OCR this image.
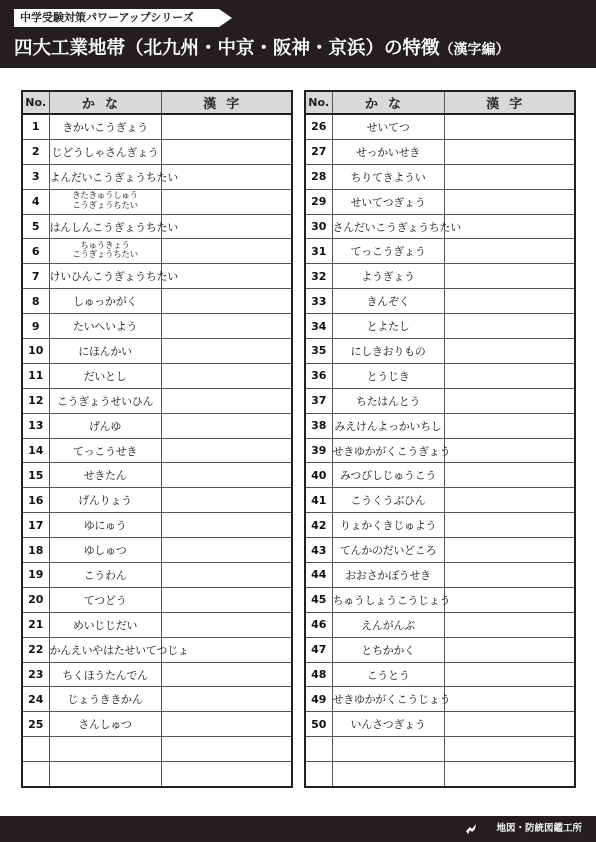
中学受験対策パワーアップシリーズ
四大工業地帯（北九州・中京・阪神・京浜）の特徴（漢字編）
No.	かな	漢字
1	きかいこうぎょう	
2	じどうしゃさんぎょう	
3	よんだいこうぎょうちたい	
4	きたきゅうしゅう
こうぎょうちたい	

5	はんしんこうぎょうちたい	
6	ちゅうきょう
こうぎょうちたい	

7	けいひんこうぎょうちたい	
8	しゅっかがく	
9	たいへいよう	
10	にほんかい	
11	だいとし	
12	こうぎょうせいひん	
13	げんゆ	
14	てっこうせき	
15	せきたん	
16	げんりょう	
17	ゆにゅう	
18	ゆしゅつ	
19	こうわん	
20	てつどう	
21	めいじじだい	
22	かんえいやはたせいてつじょ	
23	ちくほうたんでん	
24	じょうききかん	
25	さんしゅつ	

No.	かな	漢字
26	せいてつ	
27	せっかいせき	
28	ちりてきようい	
29	せいてつぎょう	
30	さんだいこうぎょうちたい	
31	てっこうぎょう	
32	ようぎょう	
33	きんぞく	
34	とよたし	
35	にしきおりもの	
36	とうじき	
37	ちたはんとう	
38	みえけんよっかいちし	
39	せきゆかがくこうぎょう	
40	みつびしじゅうこう	
41	こうくうぶひん	
42	りょかくきじゅよう	
43	てんかのだいどころ	
44	おおさかぼうせき	
45	ちゅうしょうこうじょう	
46	えんがんぶ	
47	とちかかく	
48	こうとう	
49	せきゆかがくこうじょう	
50	いんさつぎょう	

地図・防統図鑑工所
